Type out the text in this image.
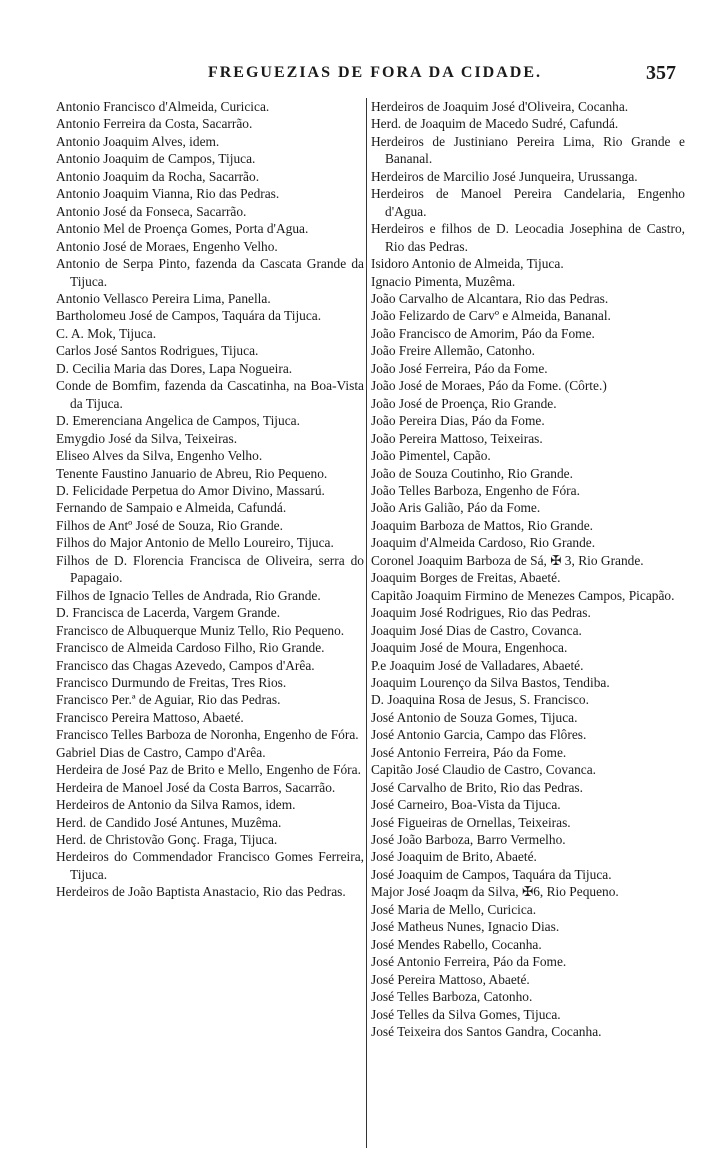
FREGUEZIAS DE FORA DA CIDADE.	357
Antonio Francisco d'Almeida, Curicica.
Antonio Ferreira da Costa, Sacarrão.
Antonio Joaquim Alves, idem.
Antonio Joaquim de Campos, Tijuca.
Antonio Joaquim da Rocha, Sacarrão.
Antonio Joaquim Vianna, Rio das Pedras.
Antonio José da Fonseca, Sacarrão.
Antonio Mel de Proença Gomes, Porta d'Agua.
Antonio José de Moraes, Engenho Velho.
Antonio de Serpa Pinto, fazenda da Cascata Grande da Tijuca.
Antonio Vellasco Pereira Lima, Panella.
Bartholomeu José de Campos, Taquára da Tijuca.
C. A. Mok, Tijuca.
Carlos José Santos Rodrigues, Tijuca.
D. Cecilia Maria das Dores, Lapa Nogueira.
Conde de Bomfim, fazenda da Cascatinha, na Boa-Vista da Tijuca.
D. Emerenciana Angelica de Campos, Tijuca.
Emygdio José da Silva, Teixeiras.
Eliseo Alves da Silva, Engenho Velho.
Tenente Faustino Januario de Abreu, Rio Pequeno.
D. Felicidade Perpetua do Amor Divino, Massarú.
Fernando de Sampaio e Almeida, Cafundá.
Filhos de Antº José de Souza, Rio Grande.
Filhos do Major Antonio de Mello Loureiro, Tijuca.
Filhos de D. Florencia Francisca de Oliveira, serra do Papagaio.
Filhos de Ignacio Telles de Andrada, Rio Grande.
D. Francisca de Lacerda, Vargem Grande.
Francisco de Albuquerque Muniz Tello, Rio Pequeno.
Francisco de Almeida Cardoso Filho, Rio Grande.
Francisco das Chagas Azevedo, Campos d'Arêa.
Francisco Durmundo de Freitas, Tres Rios.
Francisco Per.ª de Aguiar, Rio das Pedras.
Francisco Pereira Mattoso, Abaeté.
Francisco Telles Barboza de Noronha, Engenho de Fóra.
Gabriel Dias de Castro, Campo d'Arêa.
Herdeira de José Paz de Brito e Mello, Engenho de Fóra.
Herdeira de Manoel José da Costa Barros, Sacarrão.
Herdeiros de Antonio da Silva Ramos, idem.
Herd. de Candido José Antunes, Muzêma.
Herd. de Christovão Gonç. Fraga, Tijuca.
Herdeiros do Commendador Francisco Gomes Ferreira, Tijuca.
Herdeiros de João Baptista Anastacio, Rio das Pedras.
Herdeiros de Joaquim José d'Oliveira, Cocanha.
Herd. de Joaquim de Macedo Sudré, Cafundá.
Herdeiros de Justiniano Pereira Lima, Rio Grande e Bananal.
Herdeiros de Marcilio José Junqueira, Urussanga.
Herdeiros de Manoel Pereira Candelaria, Engenho d'Agua.
Herdeiros e filhos de D. Leocadia Josephina de Castro, Rio das Pedras.
Isidoro Antonio de Almeida, Tijuca.
Ignacio Pimenta, Muzêma.
João Carvalho de Alcantara, Rio das Pedras.
João Felizardo de Carvº e Almeida, Bananal.
João Francisco de Amorim, Páo da Fome.
João Freire Allemão, Catonho.
João José Ferreira, Páo da Fome.
João José de Moraes, Páo da Fome. (Côrte.)
João José de Proença, Rio Grande.
João Pereira Dias, Páo da Fome.
João Pereira Mattoso, Teixeiras.
João Pimentel, Capão.
João de Souza Coutinho, Rio Grande.
João Telles Barboza, Engenho de Fóra.
João Aris Galião, Páo da Fome.
Joaquim Barboza de Mattos, Rio Grande.
Joaquim d'Almeida Cardoso, Rio Grande.
Coronel Joaquim Barboza de Sá, ✠ 3, Rio Grande.
Joaquim Borges de Freitas, Abaeté.
Capitão Joaquim Firmino de Menezes Campos, Picapão.
Joaquim José Rodrigues, Rio das Pedras.
Joaquim José Dias de Castro, Covanca.
Joaquim José de Moura, Engenhoca.
P.e Joaquim José de Valladares, Abaeté.
Joaquim Lourenço da Silva Bastos, Tendiba.
D. Joaquina Rosa de Jesus, S. Francisco.
José Antonio de Souza Gomes, Tijuca.
José Antonio Garcia, Campo das Flôres.
José Antonio Ferreira, Páo da Fome.
Capitão José Claudio de Castro, Covanca.
José Carvalho de Brito, Rio das Pedras.
José Carneiro, Boa-Vista da Tijuca.
José Figueiras de Ornellas, Teixeiras.
José João Barboza, Barro Vermelho.
José Joaquim de Brito, Abaeté.
José Joaquim de Campos, Taquára da Tijuca.
Major José Joaqm da Silva, ✠6, Rio Pequeno.
José Maria de Mello, Curicica.
José Matheus Nunes, Ignacio Dias.
José Mendes Rabello, Cocanha.
José Antonio Ferreira, Páo da Fome.
José Pereira Mattoso, Abaeté.
José Telles Barboza, Catonho.
José Telles da Silva Gomes, Tijuca.
José Teixeira dos Santos Gandra, Cocanha.
